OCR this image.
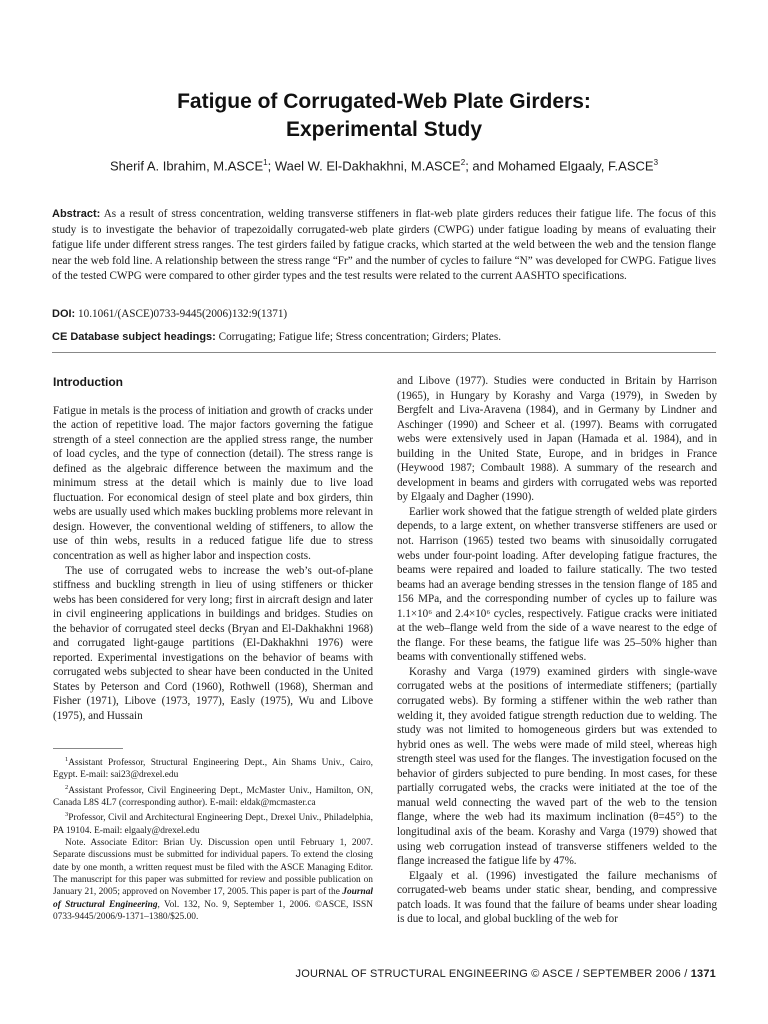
Fatigue of Corrugated-Web Plate Girders:
Experimental Study
Sherif A. Ibrahim, M.ASCE$^1$; Wael W. El-Dakhakhni, M.ASCE$^2$; and Mohamed Elgaaly, F.ASCE$^3$
Abstract: As a result of stress concentration, welding transverse stiffeners in flat-web plate girders reduces their fatigue life. The focus of this study is to investigate the behavior of trapezoidally corrugated-web plate girders (CWPG) under fatigue loading by means of evaluating their fatigue life under different stress ranges. The test girders failed by fatigue cracks, which started at the weld between the web and the tension flange near the web fold line. A relationship between the stress range “Fr” and the number of cycles to failure “N” was developed for CWPG. Fatigue lives of the tested CWPG were compared to other girder types and the test results were related to the current AASHTO specifications.
DOI: 10.1061/(ASCE)0733-9445(2006)132:9(1371)
CE Database subject headings: Corrugating; Fatigue life; Stress concentration; Girders; Plates.
Introduction

Fatigue in metals is the process of initiation and growth of cracks under the action of repetitive load. The major factors governing the fatigue strength of a steel connection are the applied stress range, the number of load cycles, and the type of connection (detail). The stress range is defined as the algebraic difference between the maximum and the minimum stress at the detail which is mainly due to live load fluctuation. For economical design of steel plate and box girders, thin webs are usually used which makes buckling problems more relevant in design. However, the conventional welding of stiffeners, to allow the use of thin webs, results in a reduced fatigue life due to stress concentration as well as higher labor and inspection costs.

The use of corrugated webs to increase the web’s out-of-plane stiffness and buckling strength in lieu of using stiffeners or thicker webs has been considered for very long; first in aircraft design and later in civil engineering applications in buildings and bridges. Studies on the behavior of corrugated steel decks (Bryan and El-Dakhakhni 1968) and corrugated light-gauge partitions (El-Dakhakhni 1976) were reported. Experimental investigations on the behavior of beams with corrugated webs subjected to shear have been conducted in the United States by Peterson and Cord (1960), Rothwell (1968), Sherman and Fisher (1971), Libove (1973, 1977), Easly (1975), Wu and Libove (1975), and Hussain

$^1$Assistant Professor, Structural Engineering Dept., Ain Shams Univ., Cairo, Egypt. E-mail: sai23@drexel.edu

$^2$Assistant Professor, Civil Engineering Dept., McMaster Univ., Hamilton, ON, Canada L8S 4L7 (corresponding author). E-mail: eldak@mcmaster.ca

$^3$Professor, Civil and Architectural Engineering Dept., Drexel Univ., Philadelphia, PA 19104. E-mail: elgaaly@drexel.edu

Note. Associate Editor: Brian Uy. Discussion open until February 1, 2007. Separate discussions must be submitted for individual papers. To extend the closing date by one month, a written request must be filed with the ASCE Managing Editor. The manuscript for this paper was submitted for review and possible publication on January 21, 2005; approved on November 17, 2005. This paper is part of the Journal of Structural Engineering, Vol. 132, No. 9, September 1, 2006. ©ASCE, ISSN 0733-9445/2006/9-1371–1380/$25.00.

and Libove (1977). Studies were conducted in Britain by Harrison (1965), in Hungary by Korashy and Varga (1979), in Sweden by Bergfelt and Liva-Aravena (1984), and in Germany by Lindner and Aschinger (1990) and Scheer et al. (1997). Beams with corrugated webs were extensively used in Japan (Hamada et al. 1984), and in building in the United State, Europe, and in bridges in France (Heywood 1987; Combault 1988). A summary of the research and development in beams and girders with corrugated webs was reported by Elgaaly and Dagher (1990).

Earlier work showed that the fatigue strength of welded plate girders depends, to a large extent, on whether transverse stiffeners are used or not. Harrison (1965) tested two beams with sinusoidally corrugated webs under four-point loading. After developing fatigue fractures, the beams were repaired and loaded to failure statically. The two tested beams had an average bending stresses in the tension flange of 185 and 156 MPa, and the corresponding number of cycles up to failure was 1.1×10⁶ and 2.4×10⁶ cycles, respectively. Fatigue cracks were initiated at the web–flange weld from the side of a wave nearest to the edge of the flange. For these beams, the fatigue life was 25–50% higher than beams with conventionally stiffened webs.

Korashy and Varga (1979) examined girders with single-wave corrugated webs at the positions of intermediate stiffeners; (partially corrugated webs). By forming a stiffener within the web rather than welding it, they avoided fatigue strength reduction due to welding. The study was not limited to homogeneous girders but was extended to hybrid ones as well. The webs were made of mild steel, whereas high strength steel was used for the flanges. The investigation focused on the behavior of girders subjected to pure bending. In most cases, for these partially corrugated webs, the cracks were initiated at the toe of the manual weld connecting the waved part of the web to the tension flange, where the web had its maximum inclination (θ=45°) to the longitudinal axis of the beam. Korashy and Varga (1979) showed that using web corrugation instead of transverse stiffeners welded to the flange increased the fatigue life by 47%.

Elgaaly et al. (1996) investigated the failure mechanisms of corrugated-web beams under static shear, bending, and compressive patch loads. It was found that the failure of beams under shear loading is due to local, and global buckling of the web for

JOURNAL OF STRUCTURAL ENGINEERING © ASCE / SEPTEMBER 2006 / 1371
